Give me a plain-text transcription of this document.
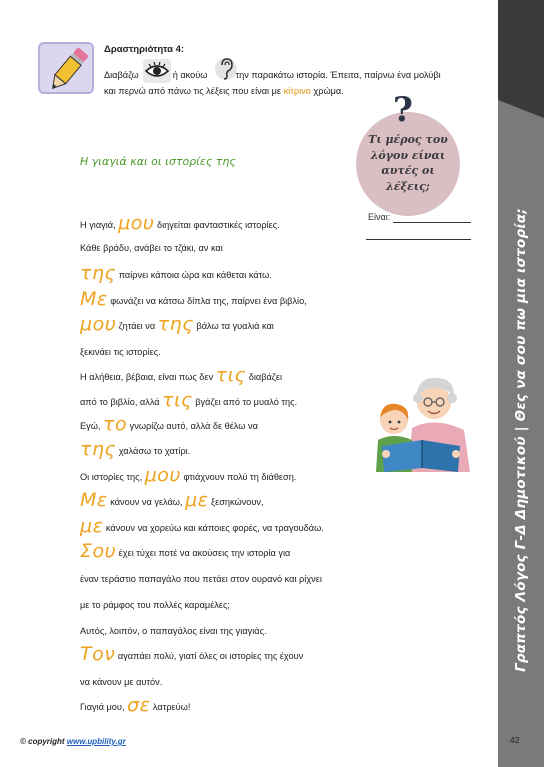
Γραπτός Λόγος Γ-Δ Δημοτικού | Θες να σου πω μια ιστορία;
Δραστηριότητα 4:
Διαβάζω	ή ακούω	την παρακάτω ιστορία. Έπειτα, παίρνω ένα μολύβι
και περνώ από πάνω τις λέξεις που είναι με κίτρινο χρώμα. ?
Τι μέρος του
λόγου είναι
αυτές οι
λέξεις;
Είναι:
Η γιαγιά και οι ιστορίες της
Η γιαγιά, μου διηγείται φανταστικές ιστορίες.
Κάθε βράδυ, ανάβει το τζάκι, αν και
της παίρνει κάποια ώρα και κάθεται κάτω.
Με φωνάζει να κάτσω δίπλα της, παίρνει ένα βιβλίο,
μου ζητάει να της βάλω τα γυαλιά και
ξεκινάει τις ιστορίες.
Η αλήθεια, βέβαια, είναι πως δεν τις διαβάζει
από το βιβλίο, αλλά τις βγάζει από το μυαλό της.
Εγώ, το γνωρίζω αυτό, αλλά δε θέλω να
της χαλάσω το χατίρι.
Οι ιστορίες της, μου φτιάχνουν πολύ τη διάθεση.
Με κάνουν να γελάω, με ξεσηκώνουν,
με κάνουν να χορεύω και κάποιες φορές, να τραγουδάω.
Σου έχει τύχει ποτέ να ακούσεις την ιστορία για
έναν τεράστιο παπαγάλο που πετάει στον ουρανό και ρίχνει
με το ράμφος του πολλές καραμέλες;
Αυτός, λοιπόν, ο παπαγάλος είναι της γιαγιάς.
Τον αγαπάει πολύ, γιατί όλες οι ιστορίες της έχουν
να κάνουν με αυτόν.
Γιαγιά μου, σε λατρεύω!
© copyright www.upbility.gr	42
